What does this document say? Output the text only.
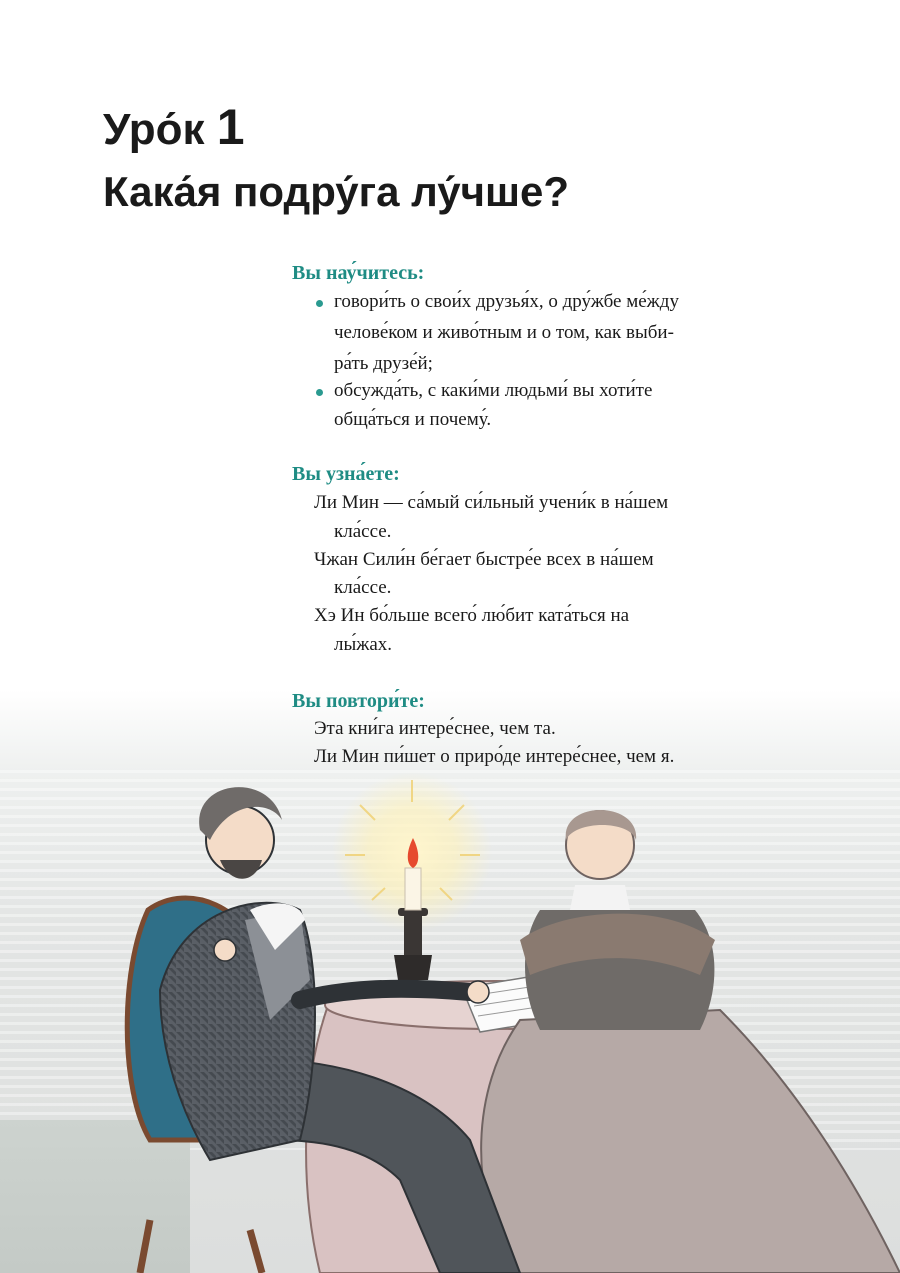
Уро́к 1
Кака́я подру́га лу́чше?
Вы нау́читесь:

говори́ть о свои́х друзья́х, о дру́жбе ме́жду

челове́ком и живо́тным и о том, как выби-

ра́ть друзе́й;

обсужда́ть, с каки́ми людьми́ вы хоти́те

обща́ться и почему́.

Вы узна́ете:

Ли Мин — са́мый си́льный учени́к в на́шем

кла́ссе.

Чжан Сили́н бе́гает быстре́е всех в на́шем

кла́ссе.

Хэ Ин бо́льше всего́ лю́бит ката́ться на

лы́жах.

Вы повтори́те:

Эта кни́га интере́снее, чем та.

Ли Мин пи́шет о приро́де интере́снее, чем я.
